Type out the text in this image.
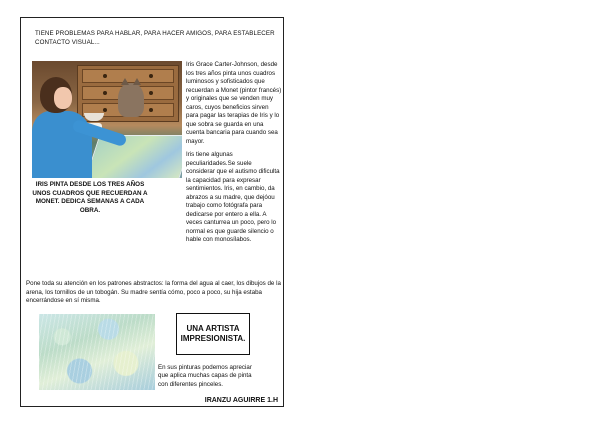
TIENE PROBLEMAS PARA HABLAR, PARA HACER AMIGOS, PARA ESTABLECER CONTACTO VISUAL...
IRIS PINTA DESDE LOS TRES AÑOS UNOS CUADROS QUE RECUERDAN A MONET. DEDICA SEMANAS A CADA OBRA.

Iris Grace Carter-Johnson, desde los tres años pinta unos cuadros luminosos y sofisticados que recuerdan a Monet (pintor francés) y originales que se venden muy caros, cuyos beneficios sirven para pagar las terapias de Iris y lo que sobra se guarda en una cuenta bancaria para cuando sea mayor.

Iris tiene algunas peculiaridades.Se suele considerar que el autismo dificulta la capacidad para expresar sentimientos. Iris, en cambio, da abrazos a su madre, que dejóou trabajo como fotógrafa para dedicarse por entero a ella. A veces canturrea un poco, pero lo normal es que guarde silencio o hable con monosílabos.

Pone toda su atención en los patrones abstractos: la forma del agua al caer, los dibujos de la arena, los tornillos de un tobogán. Su madre sentía cómo, poco a poco, su hija estaba encerrándose en sí misma.
UNA ARTISTA IMPRESIONISTA.
En sus pinturas podemos apreciar que aplica muchas capas de pinta con diferentes pinceles.
IRANZU AGUIRRE 1.H
